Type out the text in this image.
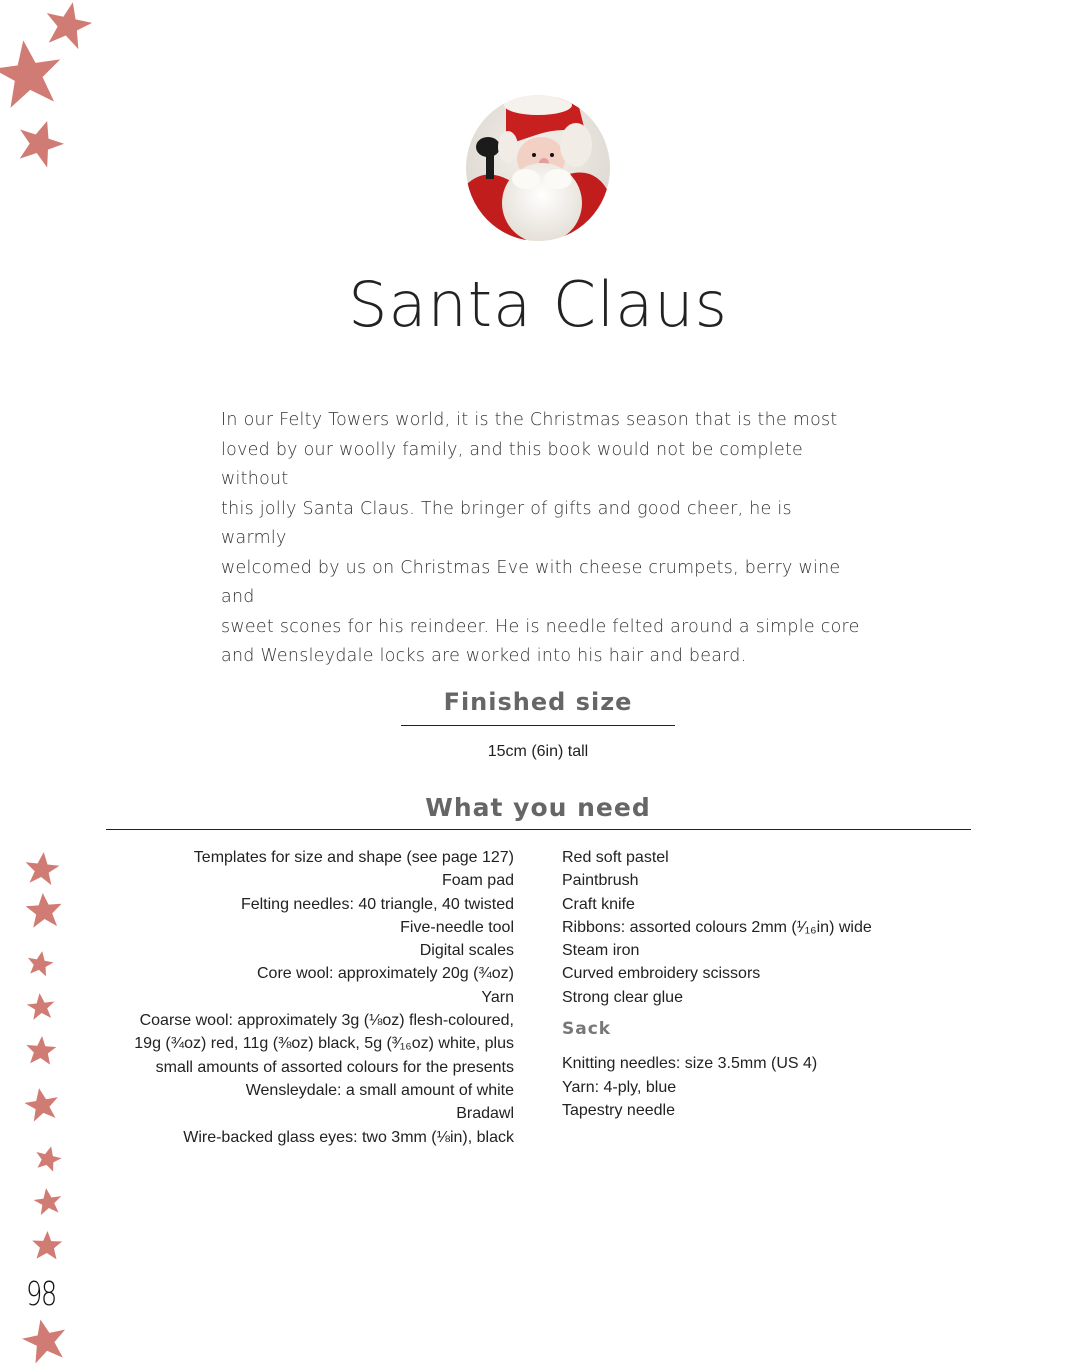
Santa Claus

In our Felty Towers world, it is the Christmas season that is the most

loved by our woolly family, and this book would not be complete without

this jolly Santa Claus. The bringer of gifts and good cheer, he is warmly

welcomed by us on Christmas Eve with cheese crumpets, berry wine and

sweet scones for his reindeer. He is needle felted around a simple core

and Wensleydale locks are worked into his hair and beard.

Finished size
15cm (6in) tall
What you need
Templates for size and shape (see page 127)
Foam pad
Felting needles: 40 triangle, 40 twisted
Five-needle tool
Digital scales
Core wool: approximately 20g (¾oz)
Yarn
Coarse wool: approximately 3g (⅛oz) flesh-coloured,
19g (¾oz) red, 11g (⅜oz) black, 5g (³⁄₁₆oz) white, plus
small amounts of assorted colours for the presents
Wensleydale: a small amount of white
Bradawl
Wire-backed glass eyes: two 3mm (⅛in), black
Red soft pastel
Paintbrush
Craft knife
Ribbons: assorted colours 2mm (¹⁄₁₆in) wide
Steam iron
Curved embroidery scissors
Strong clear glue
Sack
Knitting needles: size 3.5mm (US 4)
Yarn: 4-ply, blue
Tapestry needle
98
